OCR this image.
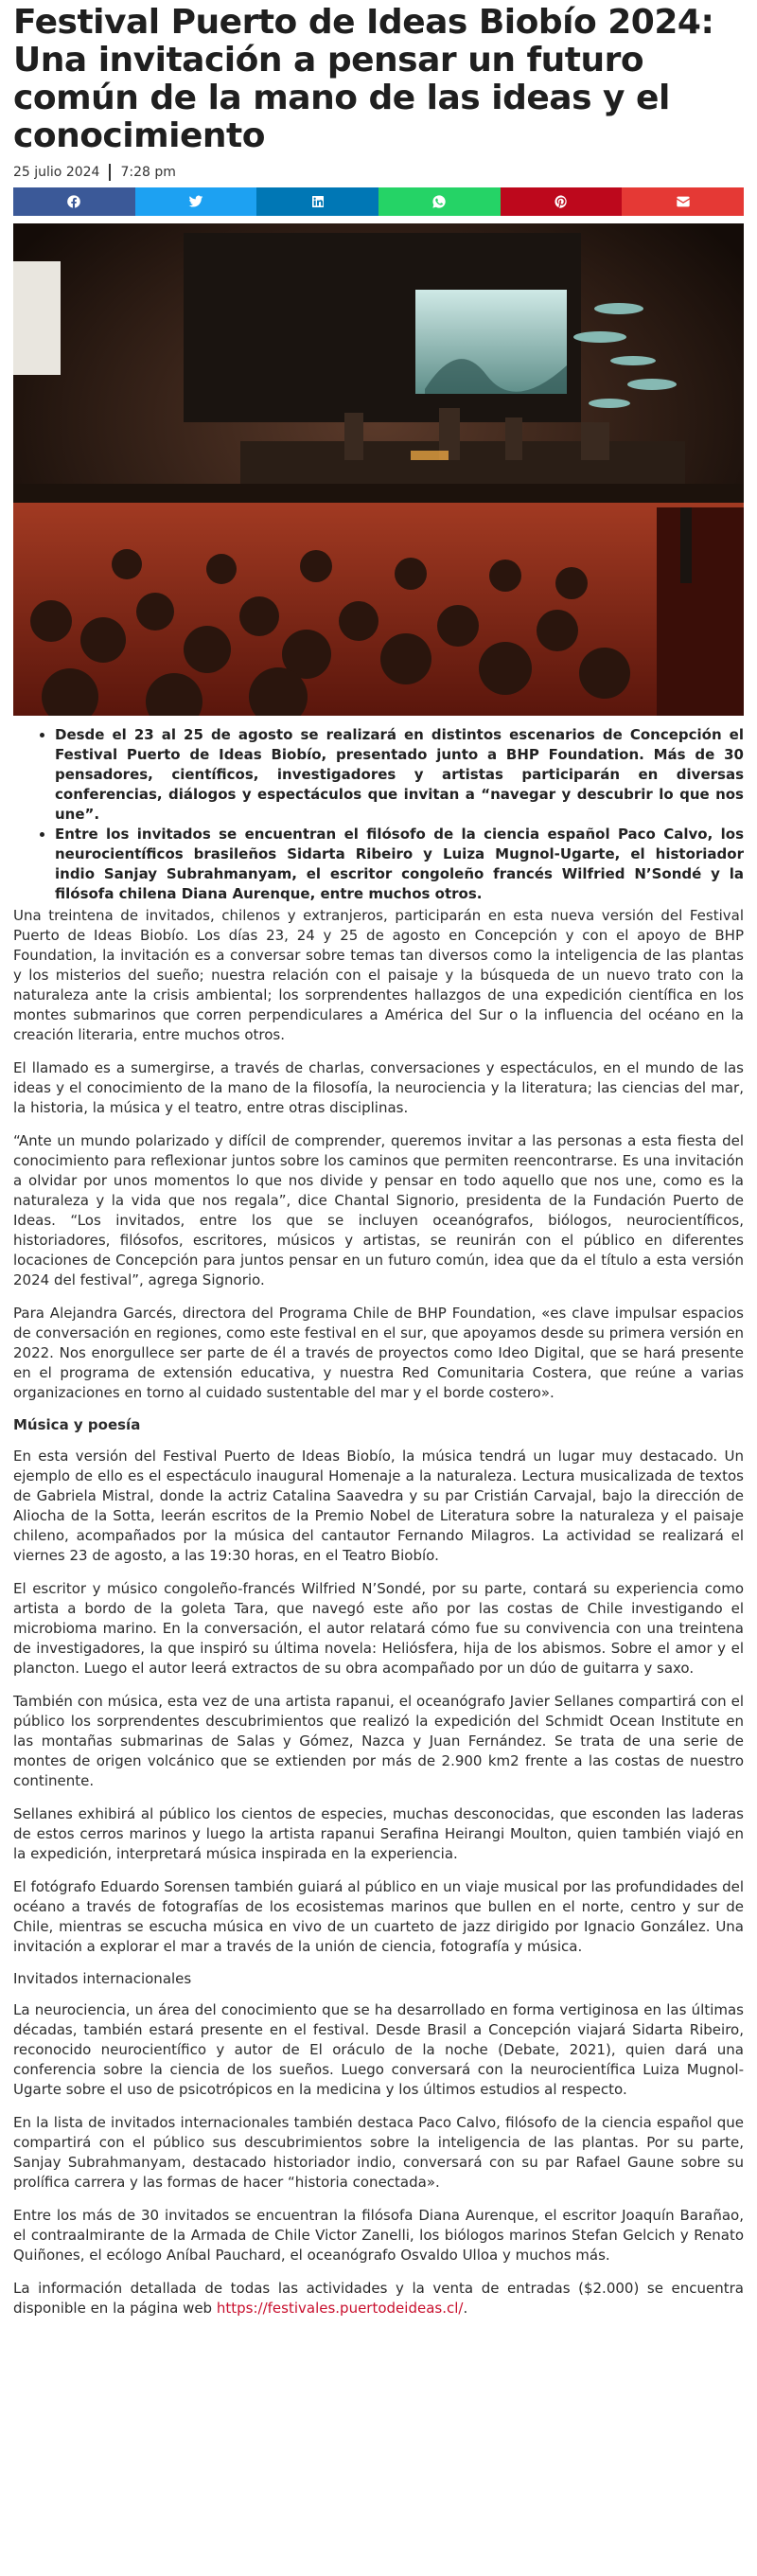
Festival Puerto de Ideas Biobío 2024: Una invitación a pensar un futuro común de la mano de las ideas y el conocimiento
25 julio 2024 7:28 pm
• Desde el 23 al 25 de agosto se realizará en distintos escenarios de Concepción el Festival Puerto de Ideas Biobío, presentado junto a BHP Foundation. Más de 30 pensadores, científicos, investigadores y artistas participarán en diversas conferencias, diálogos y espectáculos que invitan a “navegar y descubrir lo que nos une”.
• Entre los invitados se encuentran el filósofo de la ciencia español Paco Calvo, los neurocientíficos brasileños Sidarta Ribeiro y Luiza Mugnol-Ugarte, el historiador indio Sanjay Subrahmanyam, el escritor congoleño francés Wilfried N’Sondé y la filósofa chilena Diana Aurenque, entre muchos otros.

Una treintena de invitados, chilenos y extranjeros, participarán en esta nueva versión del Festival Puerto de Ideas Biobío. Los días 23, 24 y 25 de agosto en Concepción y con el apoyo de BHP Foundation, la invitación es a conversar sobre temas tan diversos como la inteligencia de las plantas y los misterios del sueño; nuestra relación con el paisaje y la búsqueda de un nuevo trato con la naturaleza ante la crisis ambiental; los sorprendentes hallazgos de una expedición científica en los montes submarinos que corren perpendiculares a América del Sur o la influencia del océano en la creación literaria, entre muchos otros.

El llamado es a sumergirse, a través de charlas, conversaciones y espectáculos, en el mundo de las ideas y el conocimiento de la mano de la filosofía, la neurociencia y la literatura; las ciencias del mar, la historia, la música y el teatro, entre otras disciplinas.

“Ante un mundo polarizado y difícil de comprender, queremos invitar a las personas a esta fiesta del conocimiento para reflexionar juntos sobre los caminos que permiten reencontrarse. Es una invitación a olvidar por unos momentos lo que nos divide y pensar en todo aquello que nos une, como es la naturaleza y la vida que nos regala”, dice Chantal Signorio, presidenta de la Fundación Puerto de Ideas. “Los invitados, entre los que se incluyen oceanógrafos, biólogos, neurocientíficos, historiadores, filósofos, escritores, músicos y artistas, se reunirán con el público en diferentes locaciones de Concepción para juntos pensar en un futuro común, idea que da el título a esta versión 2024 del festival”, agrega Signorio.

Para Alejandra Garcés, directora del Programa Chile de BHP Foundation, «es clave impulsar espacios de conversación en regiones, como este festival en el sur, que apoyamos desde su primera versión en 2022. Nos enorgullece ser parte de él a través de proyectos como Ideo Digital, que se hará presente en el programa de extensión educativa, y nuestra Red Comunitaria Costera, que reúne a varias organizaciones en torno al cuidado sustentable del mar y el borde costero».

Música y poesía

En esta versión del Festival Puerto de Ideas Biobío, la música tendrá un lugar muy destacado. Un ejemplo de ello es el espectáculo inaugural Homenaje a la naturaleza. Lectura musicalizada de textos de Gabriela Mistral, donde la actriz Catalina Saavedra y su par Cristián Carvajal, bajo la dirección de Aliocha de la Sotta, leerán escritos de la Premio Nobel de Literatura sobre la naturaleza y el paisaje chileno, acompañados por la música del cantautor Fernando Milagros. La actividad se realizará el viernes 23 de agosto, a las 19:30 horas, en el Teatro Biobío.

El escritor y músico congoleño-francés Wilfried N’Sondé, por su parte, contará su experiencia como artista a bordo de la goleta Tara, que navegó este año por las costas de Chile investigando el microbioma marino. En la conversación, el autor relatará cómo fue su convivencia con una treintena de investigadores, la que inspiró su última novela: Heliósfera, hija de los abismos. Sobre el amor y el plancton. Luego el autor leerá extractos de su obra acompañado por un dúo de guitarra y saxo.

También con música, esta vez de una artista rapanui, el oceanógrafo Javier Sellanes compartirá con el público los sorprendentes descubrimientos que realizó la expedición del Schmidt Ocean Institute en las montañas submarinas de Salas y Gómez, Nazca y Juan Fernández. Se trata de una serie de montes de origen volcánico que se extienden por más de 2.900 km2 frente a las costas de nuestro continente.

Sellanes exhibirá al público los cientos de especies, muchas desconocidas, que esconden las laderas de estos cerros marinos y luego la artista rapanui Serafina Heirangi Moulton, quien también viajó en la expedición, interpretará música inspirada en la experiencia.

El fotógrafo Eduardo Sorensen también guiará al público en un viaje musical por las profundidades del océano a través de fotografías de los ecosistemas marinos que bullen en el norte, centro y sur de Chile, mientras se escucha música en vivo de un cuarteto de jazz dirigido por Ignacio González. Una invitación a explorar el mar a través de la unión de ciencia, fotografía y música.

Invitados internacionales

La neurociencia, un área del conocimiento que se ha desarrollado en forma vertiginosa en las últimas décadas, también estará presente en el festival. Desde Brasil a Concepción viajará Sidarta Ribeiro, reconocido neurocientífico y autor de El oráculo de la noche (Debate, 2021), quien dará una conferencia sobre la ciencia de los sueños. Luego conversará con la neurocientífica Luiza Mugnol-Ugarte sobre el uso de psicotrópicos en la medicina y los últimos estudios al respecto.

En la lista de invitados internacionales también destaca Paco Calvo, filósofo de la ciencia español que compartirá con el público sus descubrimientos sobre la inteligencia de las plantas. Por su parte, Sanjay Subrahmanyam, destacado historiador indio, conversará con su par Rafael Gaune sobre su prolífica carrera y las formas de hacer “historia conectada».

Entre los más de 30 invitados se encuentran la filósofa Diana Aurenque, el escritor Joaquín Barañao, el contraalmirante de la Armada de Chile Victor Zanelli, los biólogos marinos Stefan Gelcich y Renato Quiñones, el ecólogo Aníbal Pauchard, el oceanógrafo Osvaldo Ulloa y muchos más.

La información detallada de todas las actividades y la venta de entradas ($2.000) se encuentra disponible en la página web https://festivales.puertodeideas.cl/.
